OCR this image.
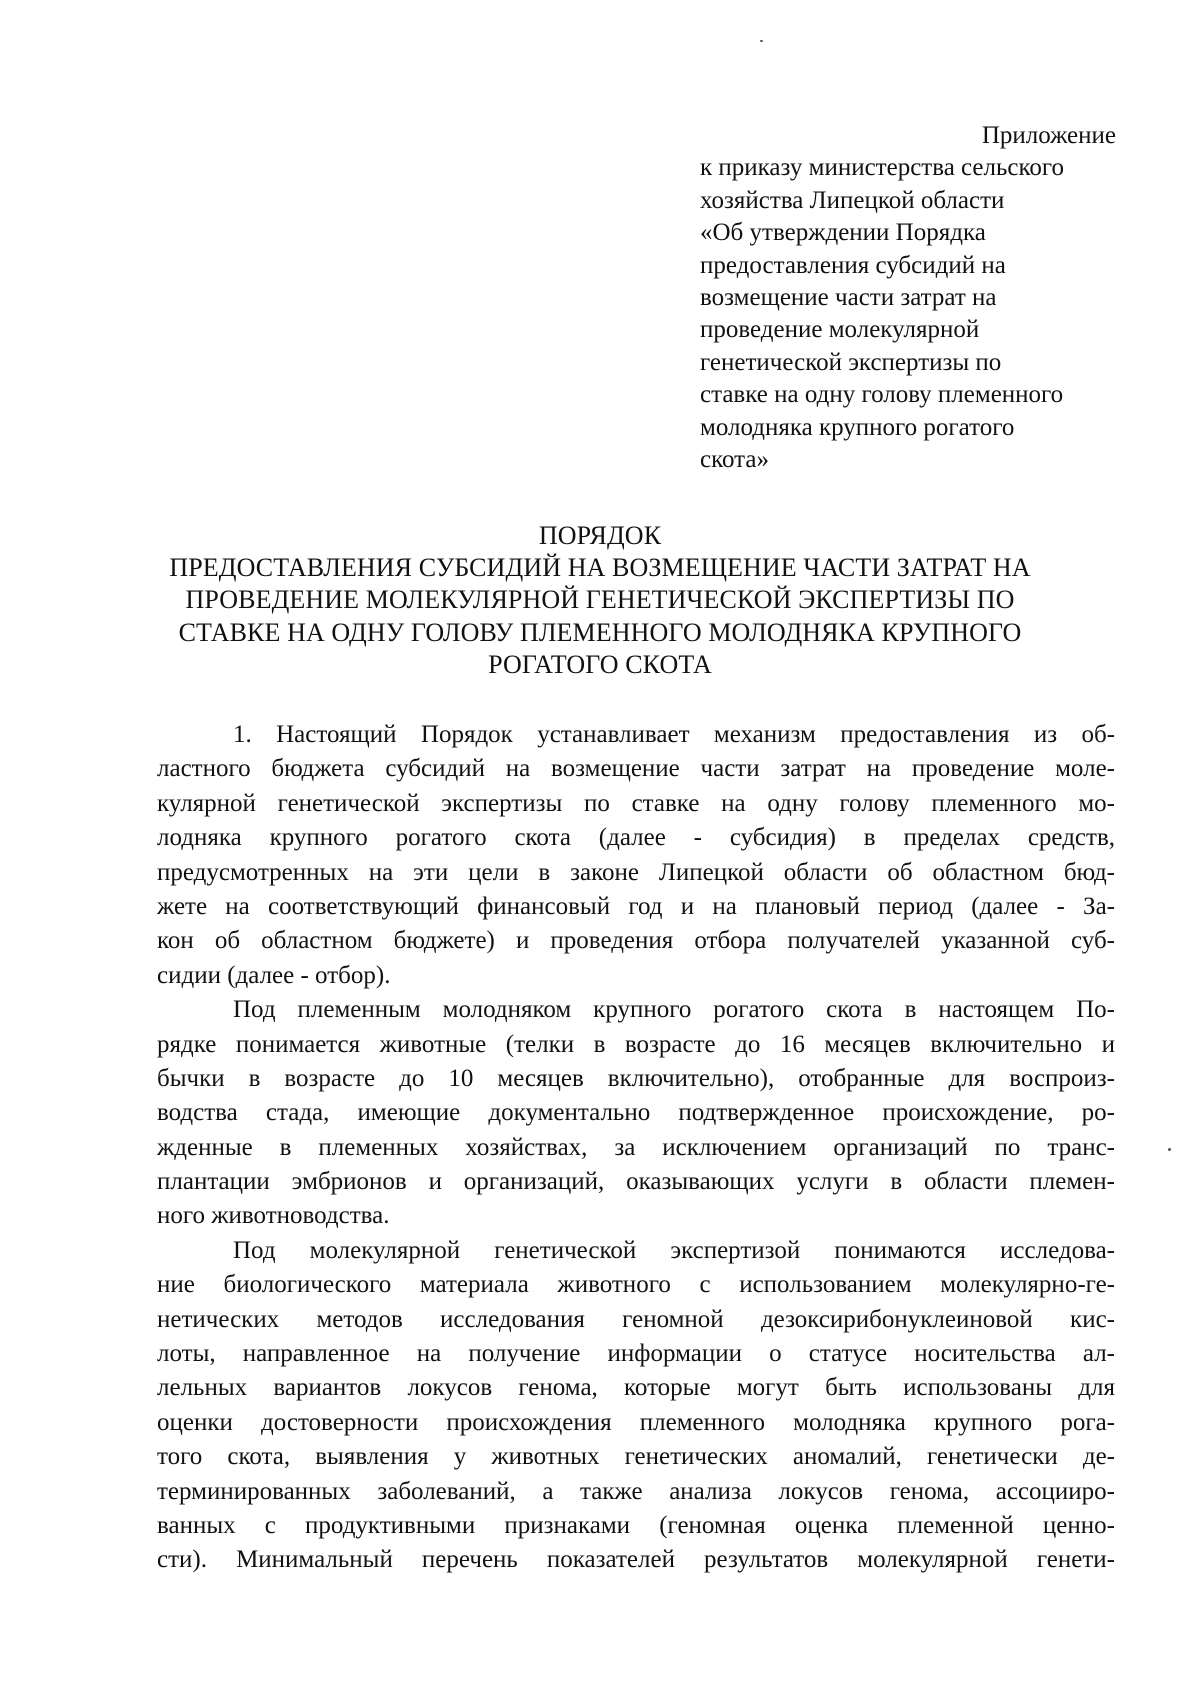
Приложение
к приказу министерства сельского
хозяйства Липецкой области
«Об утверждении Порядка
предоставления субсидий на
возмещение части затрат на
проведение молекулярной
генетической экспертизы по
ставке на одну голову племенного
молодняка крупного рогатого
скота»
ПОРЯДОК
ПРЕДОСТАВЛЕНИЯ СУБСИДИЙ НА ВОЗМЕЩЕНИЕ ЧАСТИ ЗАТРАТ НА
ПРОВЕДЕНИЕ МОЛЕКУЛЯРНОЙ ГЕНЕТИЧЕСКОЙ ЭКСПЕРТИЗЫ ПО
СТАВКЕ НА ОДНУ ГОЛОВУ ПЛЕМЕННОГО МОЛОДНЯКА КРУПНОГО
РОГАТОГО СКОТА
1. Настоящий Порядок устанавливает механизм предоставления из об-
ластного бюджета субсидий на возмещение части затрат на проведение моле-
кулярной генетической экспертизы по ставке на одну голову племенного мо-
лодняка крупного рогатого скота (далее - субсидия) в пределах средств,
предусмотренных на эти цели в законе Липецкой области об областном бюд-
жете на соответствующий финансовый год и на плановый период (далее - За-
кон об областном бюджете) и проведения отбора получателей указанной суб-
сидии (далее - отбор).
Под племенным молодняком крупного рогатого скота в настоящем По-
рядке понимается животные (телки в возрасте до 16 месяцев включительно и
бычки в возрасте до 10 месяцев включительно), отобранные для воспроиз-
водства стада, имеющие документально подтвержденное происхождение, ро-
жденные в племенных хозяйствах, за исключением организаций по транс-
плантации эмбрионов и организаций, оказывающих услуги в области племен-
ного животноводства.
Под молекулярной генетической экспертизой понимаются исследова-
ние биологического материала животного с использованием молекулярно-ге-
нетических методов исследования геномной дезоксирибонуклеиновой кис-
лоты, направленное на получение информации о статусе носительства ал-
лельных вариантов локусов генома, которые могут быть использованы для
оценки достоверности происхождения племенного молодняка крупного рога-
того скота, выявления у животных генетических аномалий, генетически де-
терминированных заболеваний, а также анализа локусов генома, ассоцииро-
ванных с продуктивными признаками (геномная оценка племенной ценно-
сти). Минимальный перечень показателей результатов молекулярной генети-
